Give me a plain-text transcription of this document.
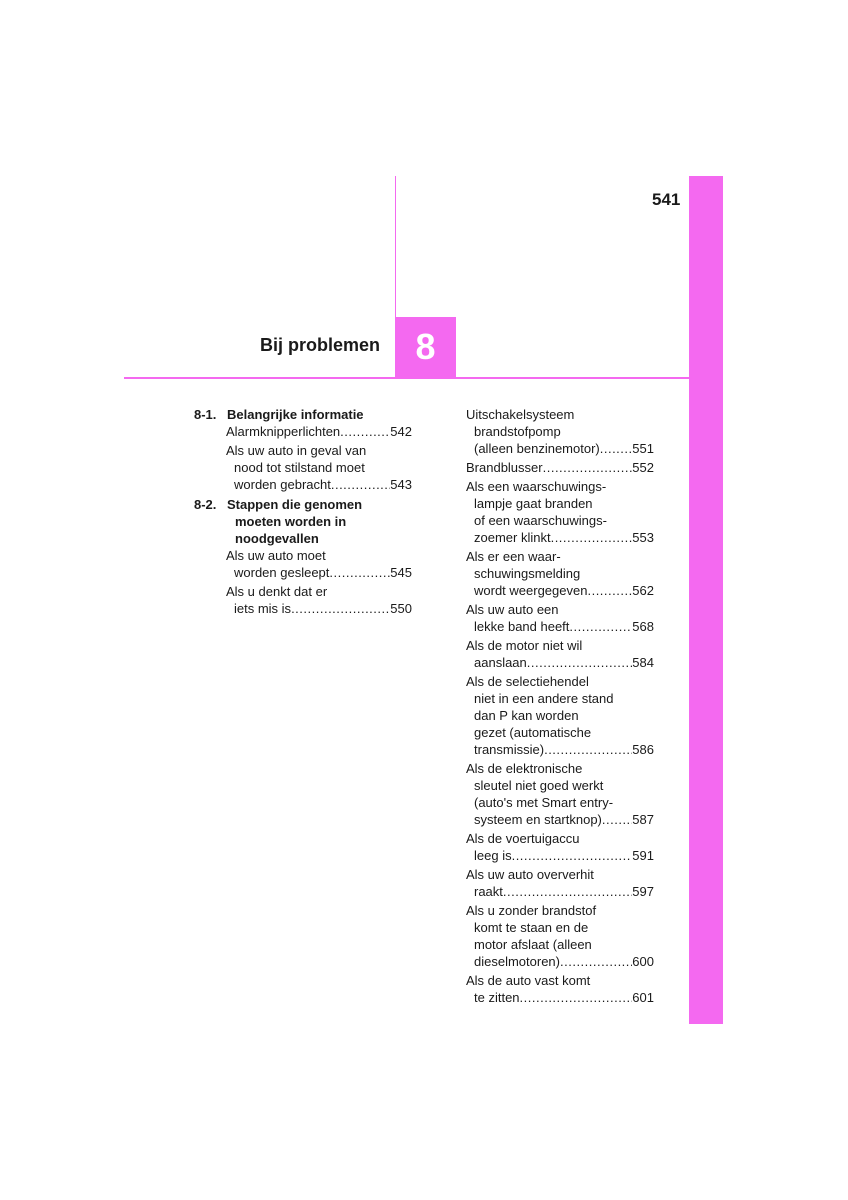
541
8
Bij problemen
8-1. Belangrijke informatie
Alarmknipperlichten .....	542
Als uw auto in geval van
nood tot stilstand moet
worden gebracht .....	543
8-2. Stappen die genomen
moeten worden in
noodgevallen
Als uw auto moet
worden gesleept .....	545
Als u denkt dat er
iets mis is .....	550
Uitschakelsysteem
brandstofpomp
(alleen benzinemotor) .....	551
Brandblusser .....	552
Als een waarschuwings-
lampje gaat branden
of een waarschuwings-
zoemer klinkt .....	553
Als er een waar-
schuwingsmelding
wordt weergegeven .....	562
Als uw auto een
lekke band heeft .....	568
Als de motor niet wil
aanslaan .....	584
Als de selectiehendel
niet in een andere stand
dan P kan worden
gezet (automatische
transmissie) .....	586
Als de elektronische
sleutel niet goed werkt
(auto's met Smart entry-
systeem en startknop) ..... 587
Als de voertuigaccu
leeg is .....	591
Als uw auto oververhit
raakt .....	597
Als u zonder brandstof
komt te staan en de
motor afslaat (alleen
dieselmotoren) .....	600
Als de auto vast komt
te zitten .....	601
